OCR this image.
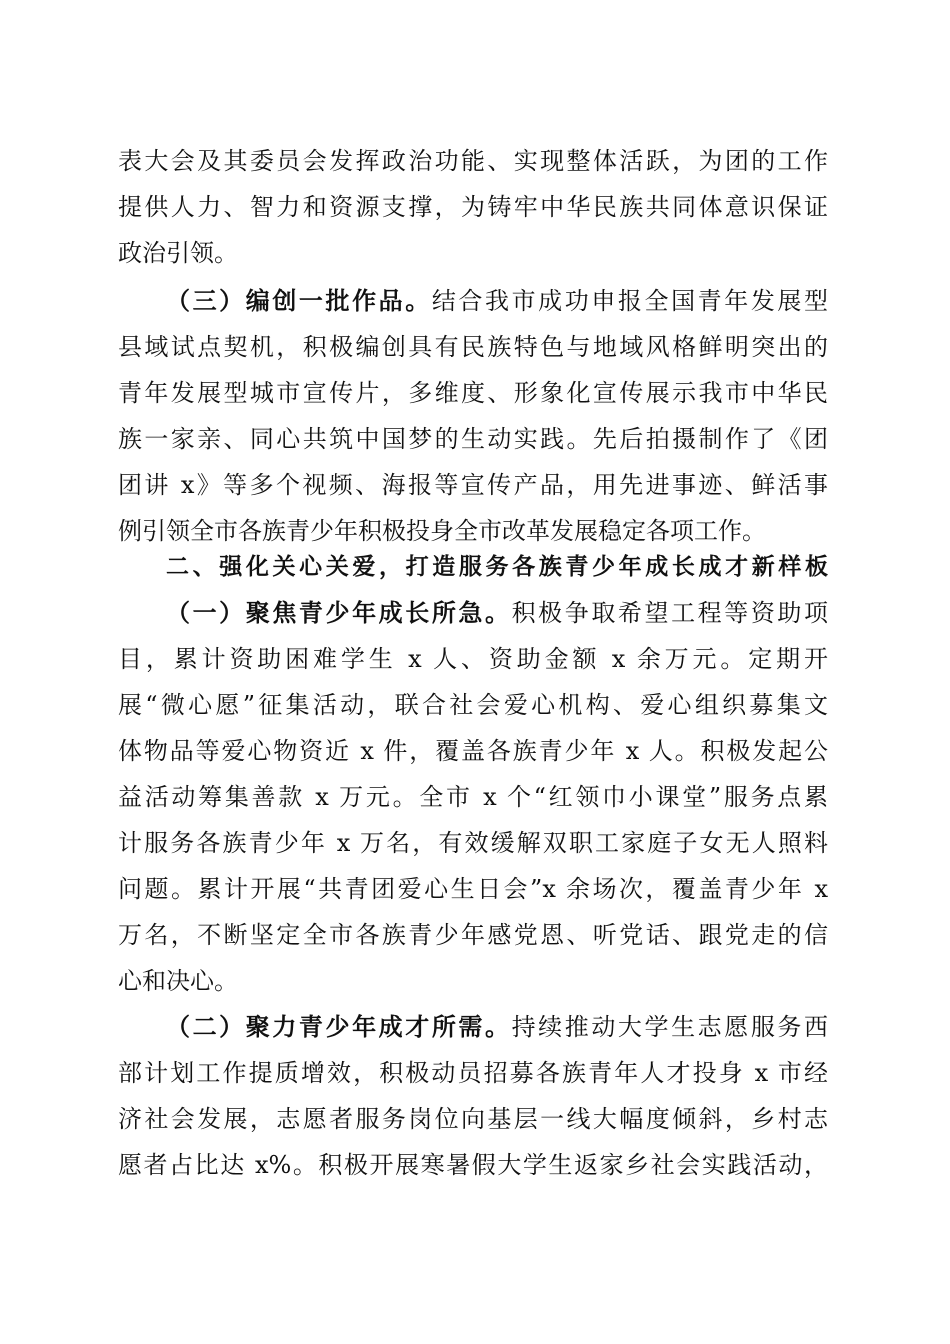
表大会及其委员会发挥政治功能、实现整体活跃，为团的工作
提供人力、智力和资源支撑，为铸牢中华民族共同体意识保证
政治引领。
（三）编创一批作品。结合我市成功申报全国青年发展型
县域试点契机，积极编创具有民族特色与地域风格鲜明突出的
青年发展型城市宣传片，多维度、形象化宣传展示我市中华民
族一家亲、同心共筑中国梦的生动实践。先后拍摄制作了《团
团讲 x》等多个视频、海报等宣传产品，用先进事迹、鲜活事
例引领全市各族青少年积极投身全市改革发展稳定各项工作。
二、强化关心关爱，打造服务各族青少年成长成才新样板
（一）聚焦青少年成长所急。积极争取希望工程等资助项
目，累计资助困难学生 x 人、资助金额 x 余万元。定期开
展“微心愿”征集活动，联合社会爱心机构、爱心组织募集文
体物品等爱心物资近 x 件，覆盖各族青少年 x 人。积极发起公
益活动筹集善款 x 万元。全市 x 个“红领巾小课堂”服务点累
计服务各族青少年 x 万名，有效缓解双职工家庭子女无人照料
问题。累计开展“共青团爱心生日会”x 余场次，覆盖青少年 x
万名，不断坚定全市各族青少年感党恩、听党话、跟党走的信
心和决心。
（二）聚力青少年成才所需。持续推动大学生志愿服务西
部计划工作提质增效，积极动员招募各族青年人才投身 x 市经
济社会发展，志愿者服务岗位向基层一线大幅度倾斜，乡村志
愿者占比达 x%。积极开展寒暑假大学生返家乡社会实践活动，
